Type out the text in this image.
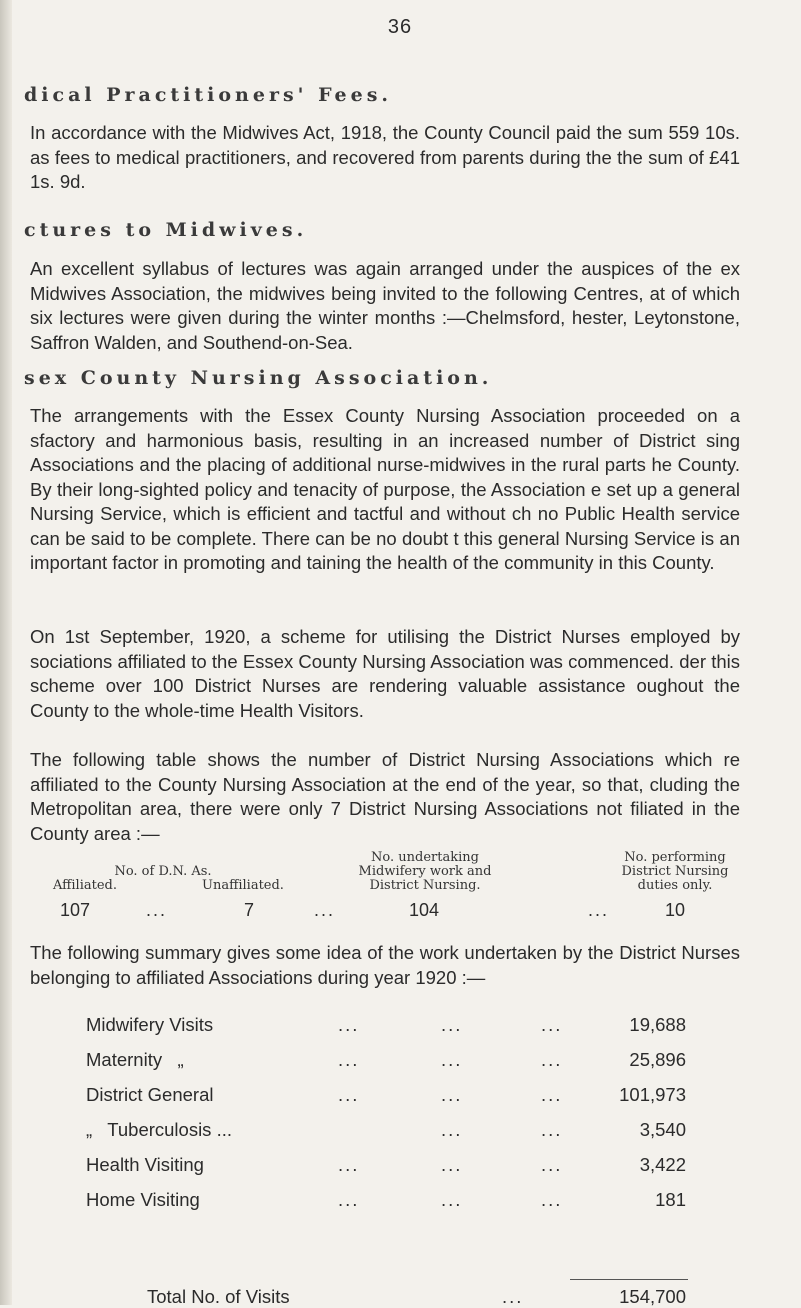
36
dical Practitioners' Fees.

In accordance with the Midwives Act, 1918, the County Council paid the sum 559 10s. as fees to medical practitioners, and recovered from parents during the the sum of £41 1s. 9d.

ctures to Midwives.

An excellent syllabus of lectures was again arranged under the auspices of the ex Midwives Association, the midwives being invited to the following Centres, at of which six lectures were given during the winter months :—Chelmsford, hester, Leytonstone, Saffron Walden, and Southend-on-Sea.

sex County Nursing Association.

The arrangements with the Essex County Nursing Association proceeded on a sfactory and harmonious basis, resulting in an increased number of District sing Associations and the placing of additional nurse-midwives in the rural parts he County. By their long-sighted policy and tenacity of purpose, the Association e set up a general Nursing Service, which is efficient and tactful and without ch no Public Health service can be said to be complete. There can be no doubt t this general Nursing Service is an important factor in promoting and taining the health of the community in this County.

On 1st September, 1920, a scheme for utilising the District Nurses employed by sociations affiliated to the Essex County Nursing Association was commenced. der this scheme over 100 District Nurses are rendering valuable assistance oughout the County to the whole-time Health Visitors.

The following table shows the number of District Nursing Associations which re affiliated to the County Nursing Association at the end of the year, so that, cluding the Metropolitan area, there were only 7 District Nursing Associations not filiated in the County area :—

No. of D.N. As.
Affiliated.	Unaffiliated.
No. undertaking
Midwifery work and
District Nursing.
No. performing
District Nursing
duties only.
107	...	7	...	104	...	10

The following summary gives some idea of the work undertaken by the District Nurses belonging to affiliated Associations during year 1920 :—

Midwifery Visits	...	...	...	19,688
Maternity   „	...	...	...	25,896
District General	...	...	...	101,973
„   Tuberculosis ...	...	...	3,540
Health Visiting	...	...	...	3,422
Home Visiting	...	...	...	181
Total No. of Visits	...	154,700
